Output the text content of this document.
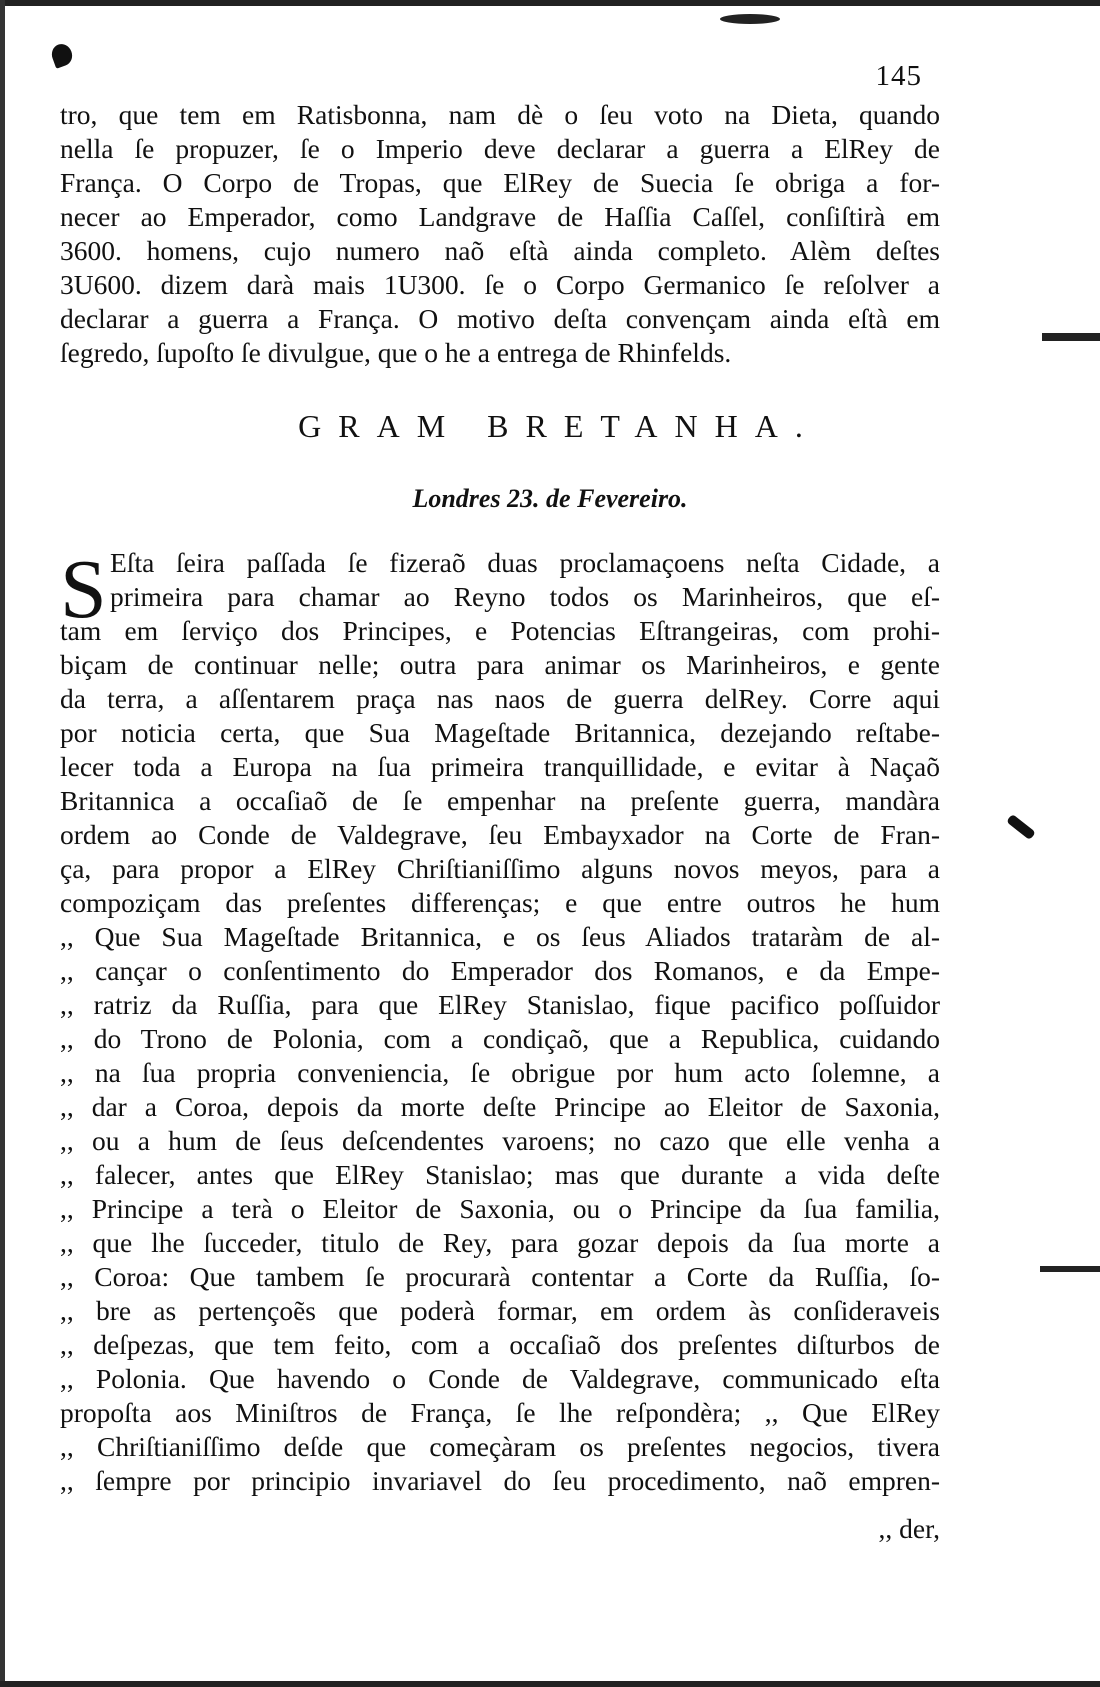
145
tro, que tem em Ratisbonna, nam dè o ſeu voto na Dieta, quando
nella ſe propuzer, ſe o Imperio deve declarar a guerra a ElRey de
França. O Corpo de Tropas, que ElRey de Suecia ſe obriga a for-
necer ao Emperador, como Landgrave de Haſſia Caſſel, conſiſtirà em
3600. homens, cujo numero naõ eſtà ainda completo. Alèm deſtes
3U600. dizem darà mais 1U300. ſe o Corpo Germanico ſe reſolver a
declarar a guerra a França. O motivo deſta convençam ainda eſtà em
ſegredo, ſupoſto ſe divulgue, que o he a entrega de Rhinfelds.
GRAM BRETANHA.
Londres 23. de Fevereiro.
S Eſta ſeira paſſada ſe fizeraõ duas proclamaçoens neſta Cidade, a
primeira para chamar ao Reyno todos os Marinheiros, que eſ-
tam em ſerviço dos Principes, e Potencias Eſtrangeiras, com prohi-
biçam de continuar nelle; outra para animar os Marinheiros, e gente
da terra, a aſſentarem praça nas naos de guerra delRey. Corre aqui
por noticia certa, que Sua Mageſtade Britannica, dezejando reſtabe-
lecer toda a Europa na ſua primeira tranquillidade, e evitar à Naçaõ
Britannica a occaſiaõ de ſe empenhar na preſente guerra, mandàra
ordem ao Conde de Valdegrave, ſeu Embayxador na Corte de Fran-
ça, para propor a ElRey Chriſtianiſſimo alguns novos meyos, para a
compoziçam das preſentes differenças; e que entre outros he hum
,, Que Sua Mageſtade Britannica, e os ſeus Aliados trataràm de al-
,, cançar o conſentimento do Emperador dos Romanos, e da Empe-
,, ratriz da Ruſſia, para que ElRey Stanislao, fique pacifico poſſuidor
,, do Trono de Polonia, com a condiçaõ, que a Republica, cuidando
,, na ſua propria conveniencia, ſe obrigue por hum acto ſolemne, a
,, dar a Coroa, depois da morte deſte Principe ao Eleitor de Saxonia,
,, ou a hum de ſeus deſcendentes varoens; no cazo que elle venha a
,, falecer, antes que ElRey Stanislao; mas que durante a vida deſte
,, Principe a terà o Eleitor de Saxonia, ou o Principe da ſua familia,
,, que lhe ſucceder, titulo de Rey, para gozar depois da ſua morte a
,, Coroa: Que tambem ſe procurarà contentar a Corte da Ruſſia, ſo-
,, bre as pertençoẽs que poderà formar, em ordem às conſideraveis
,, deſpezas, que tem feito, com a occaſiaõ dos preſentes diſturbos de
,, Polonia. Que havendo o Conde de Valdegrave, communicado eſta
propoſta aos Miniſtros de França, ſe lhe reſpondèra; ,, Que ElRey
,, Chriſtianiſſimo deſde que começàram os preſentes negocios, tivera
,, ſempre por principio invariavel do ſeu procedimento, naõ empren-
,, der,
